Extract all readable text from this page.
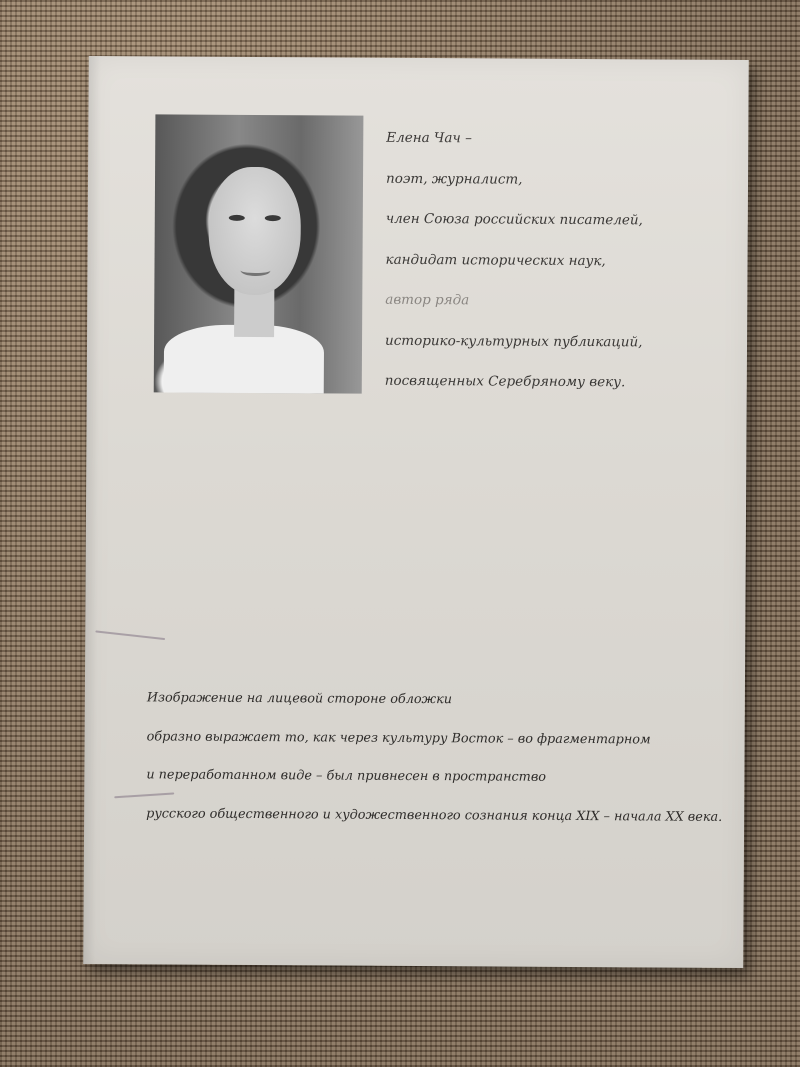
Елена Чач –
поэт, журналист,
член Союза российских писателей,
кандидат исторических наук,
автор ряда
историко-культурных публикаций,
посвященных Серебряному веку.
Изображение на лицевой стороне обложки
образно выражает то, как через культуру Восток – во фрагментарном
и переработанном виде – был привнесен в пространство
русского общественного и художественного сознания конца XIX – начала XX века.
